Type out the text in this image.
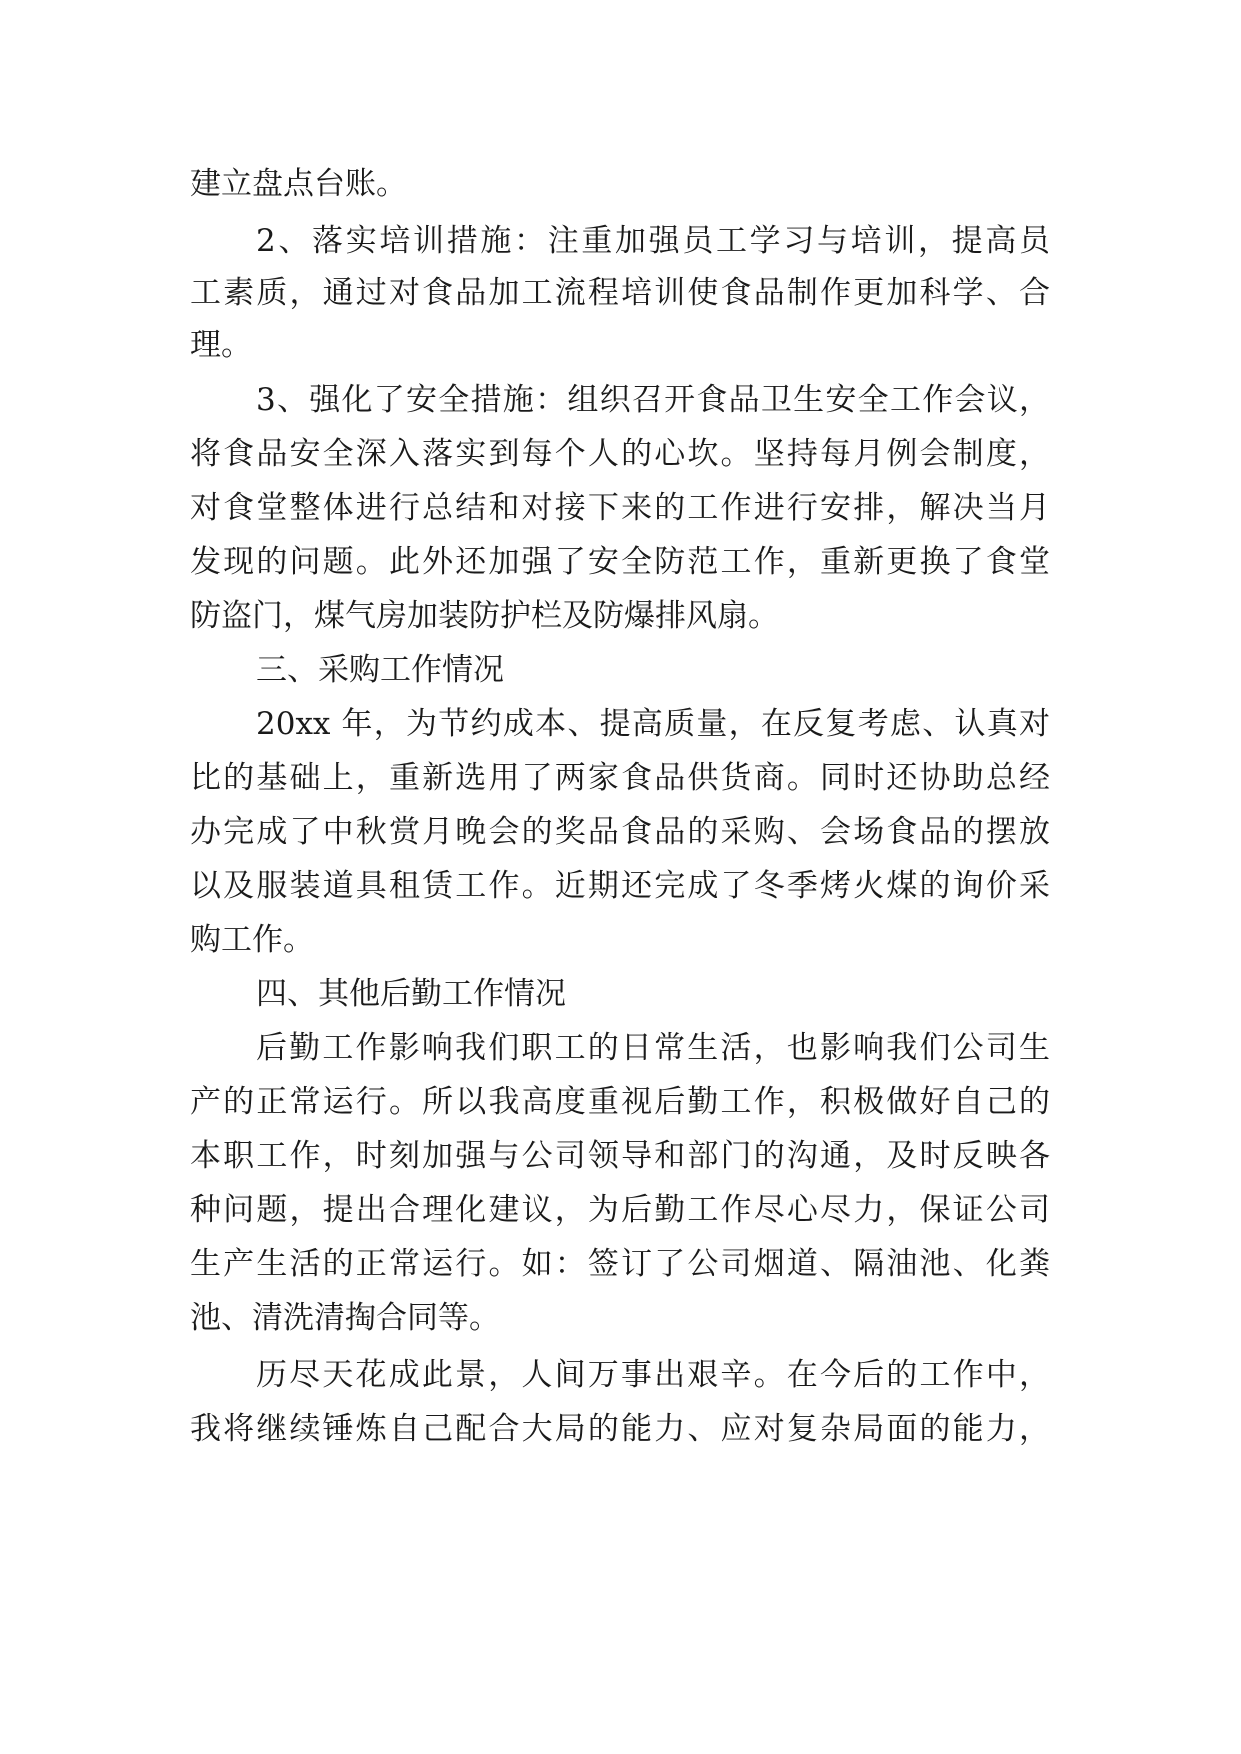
建立盘点台账。
2、落实培训措施：注重加强员工学习与培训，提高员
工素质，通过对食品加工流程培训使食品制作更加科学、合
理。
3、强化了安全措施：组织召开食品卫生安全工作会议，
将食品安全深入落实到每个人的心坎。坚持每月例会制度，
对食堂整体进行总结和对接下来的工作进行安排，解决当月
发现的问题。此外还加强了安全防范工作，重新更换了食堂
防盗门，煤气房加装防护栏及防爆排风扇。
三、采购工作情况
20xx 年，为节约成本、提高质量，在反复考虑、认真对
比的基础上，重新选用了两家食品供货商。同时还协助总经
办完成了中秋赏月晚会的奖品食品的采购、会场食品的摆放
以及服装道具租赁工作。近期还完成了冬季烤火煤的询价采
购工作。
四、其他后勤工作情况
后勤工作影响我们职工的日常生活，也影响我们公司生
产的正常运行。所以我高度重视后勤工作，积极做好自己的
本职工作，时刻加强与公司领导和部门的沟通，及时反映各
种问题，提出合理化建议，为后勤工作尽心尽力，保证公司
生产生活的正常运行。如：签订了公司烟道、隔油池、化粪
池、清洗清掏合同等。
历尽天花成此景，人间万事出艰辛。在今后的工作中，
我将继续锤炼自己配合大局的能力、应对复杂局面的能力，
